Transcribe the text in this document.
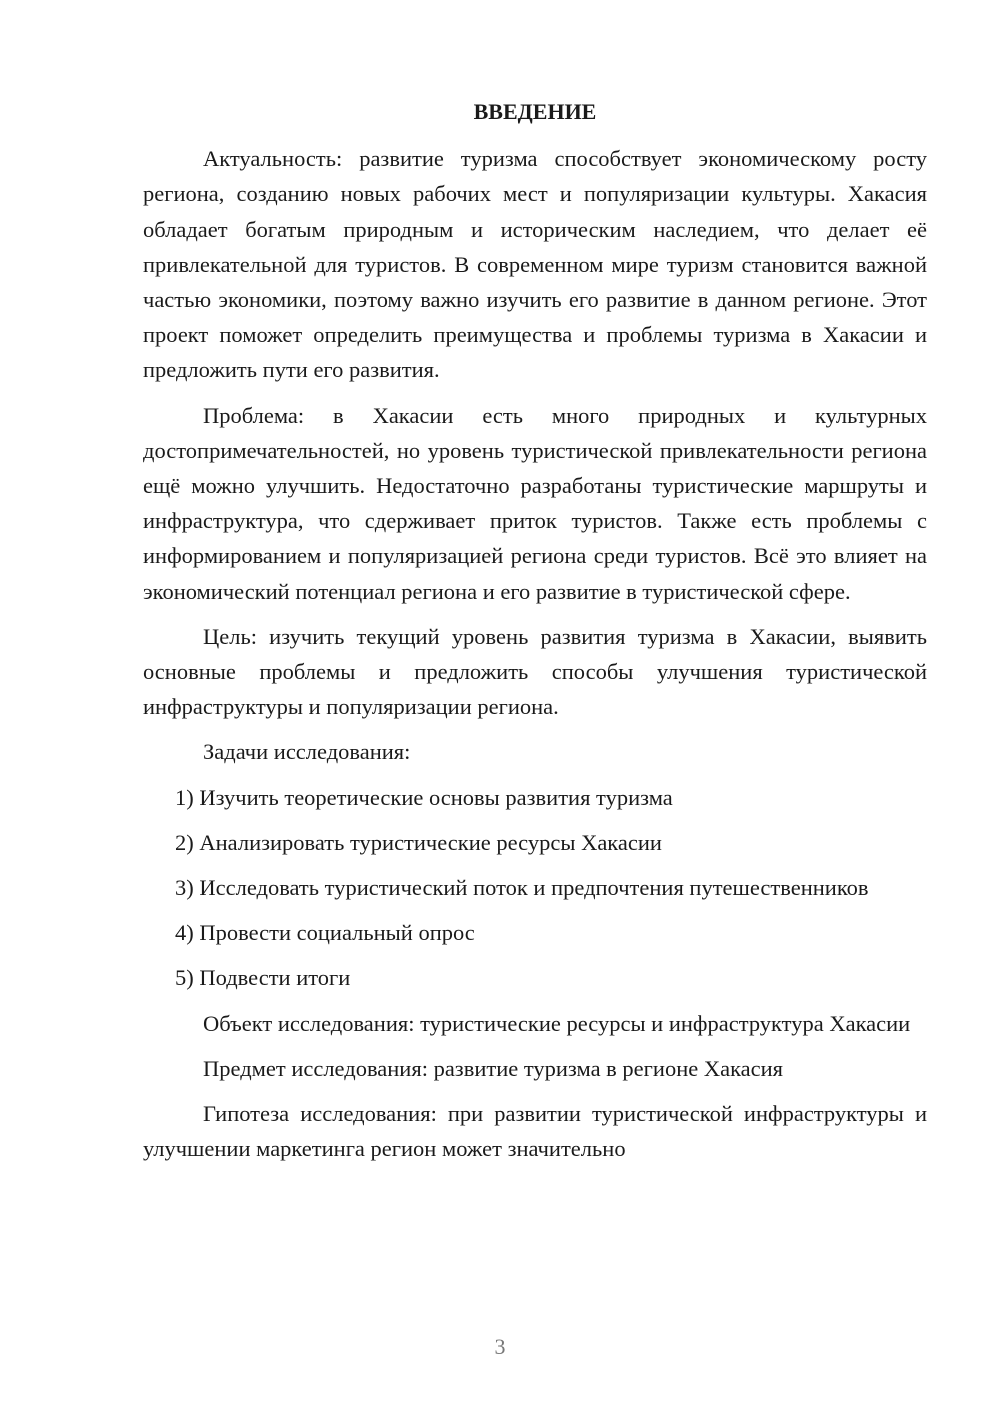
ВВЕДЕНИЕ

Актуальность: развитие туризма способствует экономическому росту региона, созданию новых рабочих мест и популяризации культуры. Хакасия обладает богатым природным и историческим наследием, что делает её привлекательной для туристов. В современном мире туризм становится важной частью экономики, поэтому важно изучить его развитие в данном регионе. Этот проект поможет определить преимущества и проблемы туризма в Хакасии и предложить пути его развития.

Проблема: в Хакасии есть много природных и культурных достопримечательностей, но уровень туристической привлекательности региона ещё можно улучшить. Недостаточно разработаны туристические маршруты и инфраструктура, что сдерживает приток туристов. Также есть проблемы с информированием и популяризацией региона среди туристов. Всё это влияет на экономический потенциал региона и его развитие в туристической сфере.

Цель: изучить текущий уровень развития туризма в Хакасии, выявить основные проблемы и предложить способы улучшения туристической инфраструктуры и популяризации региона.

Задачи исследования:

1) Изучить теоретические основы развития туризма

2) Анализировать туристические ресурсы Хакасии

3) Исследовать туристический поток и предпочтения путешественников

4) Провести социальный опрос

5) Подвести итоги

Объект исследования: туристические ресурсы и инфраструктура Хакасии

Предмет исследования: развитие туризма в регионе Хакасия

Гипотеза исследования: при развитии туристической инфраструктуры и улучшении маркетинга регион может значительно

3
